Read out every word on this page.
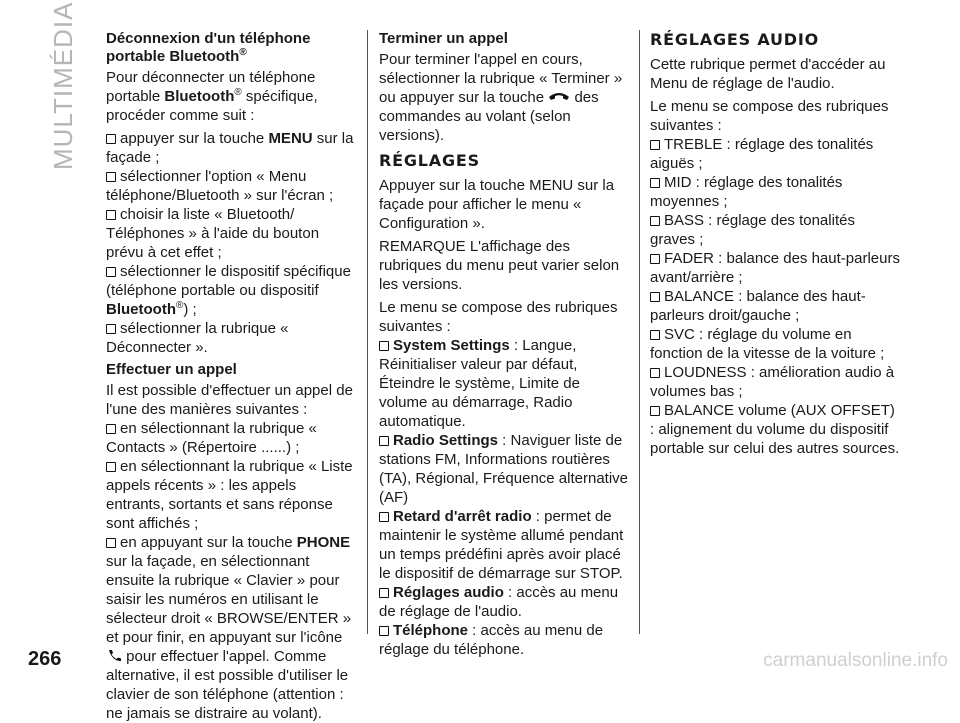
MULTIMÉDIA Déconnexion d'un téléphone portable Bluetooth®

Pour déconnecter un téléphone portable Bluetooth® spécifique, procéder comme suit :

appuyer sur la touche MENU sur la façade ;

sélectionner l'option « Menu téléphone/Bluetooth » sur l'écran ;

choisir la liste « Bluetooth/ Téléphones » à l'aide du bouton prévu à cet effet ;

sélectionner le dispositif spécifique (téléphone portable ou dispositif Bluetooth®) ;

sélectionner la rubrique « Déconnecter ».

Effectuer un appel

Il est possible d'effectuer un appel de l'une des manières suivantes :

en sélectionnant la rubrique « Contacts » (Répertoire ......) ;

en sélectionnant la rubrique « Liste appels récents » : les appels entrants, sortants et sans réponse sont affichés ;

en appuyant sur la touche PHONE sur la façade, en sélectionnant ensuite la rubrique « Clavier » pour saisir les numéros en utilisant le sélecteur droit « BROWSE/ENTER » et pour finir, en appuyant sur l'icône  pour effectuer l'appel. Comme alternative, il est possible d'utiliser le clavier de son téléphone (attention : ne jamais se distraire au volant).

Terminer un appel

Pour terminer l'appel en cours, sélectionner la rubrique « Terminer » ou appuyer sur la touche des commandes au volant (selon versions).

RÉGLAGES

Appuyer sur la touche MENU sur la façade pour afficher le menu « Configuration ».

REMARQUE L'affichage des rubriques du menu peut varier selon les versions.

Le menu se compose des rubriques suivantes :

System Settings : Langue, Réinitialiser valeur par défaut, Éteindre le système, Limite de volume au démarrage, Radio automatique.

Radio Settings : Naviguer liste de stations FM, Informations routières (TA), Régional, Fréquence alternative (AF)

Retard d'arrêt radio : permet de maintenir le système allumé pendant un temps prédéfini après avoir placé le dispositif de démarrage sur STOP.

Réglages audio : accès au menu de réglage de l'audio.

Téléphone : accès au menu de réglage du téléphone.

RÉGLAGES AUDIO

Cette rubrique permet d'accéder au Menu de réglage de l'audio.

Le menu se compose des rubriques suivantes :

TREBLE : réglage des tonalités aiguës ;

MID : réglage des tonalités moyennes ;

BASS : réglage des tonalités graves ;

FADER : balance des haut-parleurs avant/arrière ;

BALANCE : balance des haut-parleurs droit/gauche ;

SVC : réglage du volume en fonction de la vitesse de la voiture ;

LOUDNESS : amélioration audio à volumes bas ;

BALANCE volume (AUX OFFSET) : alignement du volume du dispositif portable sur celui des autres sources.

266	carmanualsonline.info
